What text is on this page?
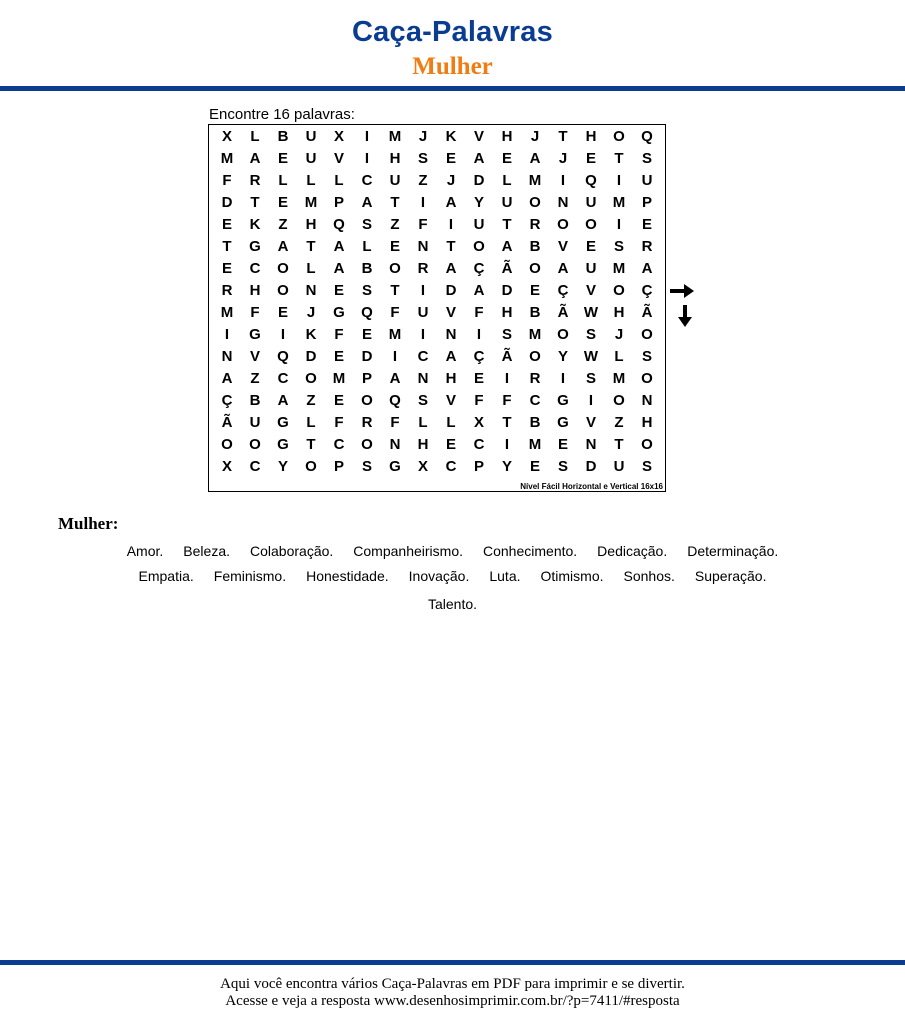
Caça-Palavras
Mulher
Encontre 16 palavras:
X	L	B	U	X	I	M	J	K	V	H	J	T	H	O	Q
M	A	E	U	V	I	H	S	E	A	E	A	J	E	T	S
F	R	L	L	L	C	U	Z	J	D	L	M	I	Q	I	U
D	T	E	M	P	A	T	I	A	Y	U	O	N	U	M	P
E	K	Z	H	Q	S	Z	F	I	U	T	R	O	O	I	E
T	G	A	T	A	L	E	N	T	O	A	B	V	E	S	R
E	C	O	L	A	B	O	R	A	Ç	Ã	O	A	U	M	A
R	H	O	N	E	S	T	I	D	A	D	E	Ç	V	O	Ç
M	F	E	J	G	Q	F	U	V	F	H	B	Ã	W	H	Ã
I	G	I	K	F	E	M	I	N	I	S	M	O	S	J	O
N	V	Q	D	E	D	I	C	A	Ç	Ã	O	Y	W	L	S
A	Z	C	O	M	P	A	N	H	E	I	R	I	S	M	O
Ç	B	A	Z	E	O	Q	S	V	F	F	C	G	I	O	N
Ã	U	G	L	F	R	F	L	L	X	T	B	G	V	Z	H
O	O	G	T	C	O	N	H	E	C	I	M	E	N	T	O
X	C	Y	O	P	S	G	X	C	P	Y	E	S	D	U	S
Nível Fácil Horizontal e Vertical 16x16
Mulher:
Amor. Beleza. Colaboração. Companheirismo. Conhecimento. Dedicação. Determinação.
Empatia. Feminismo. Honestidade. Inovação. Luta. Otimismo. Sonhos. Superação.
Talento.
Aqui você encontra vários Caça-Palavras em PDF para imprimir e se divertir.
Acesse e veja a resposta www.desenhosimprimir.com.br/?p=7411/#resposta
